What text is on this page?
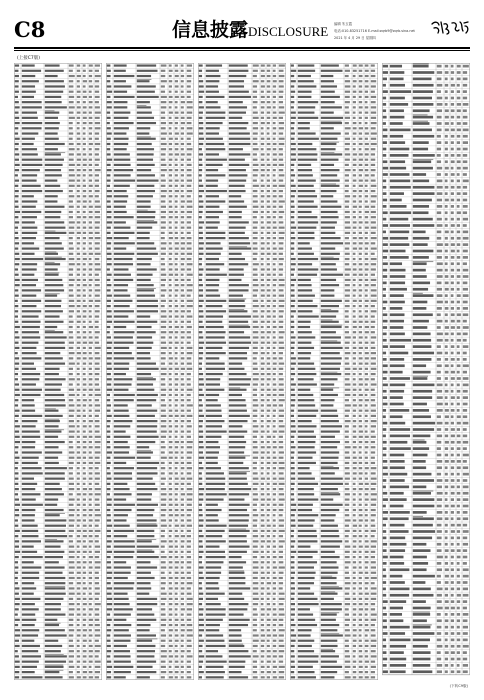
C8	信息披露DISCLOSURE 编辑 朱玉霞
电话:010-83251716 E-mail:zqrb9@zqrb.sina.net
2021 年 4 月 29 日 星期四
(上接C7版)
(下转C9版)
